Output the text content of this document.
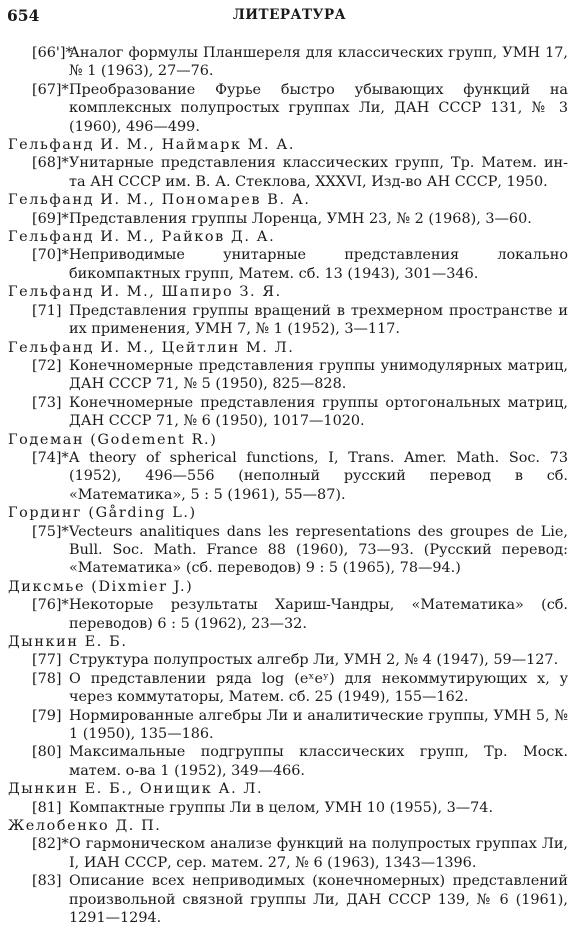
654	ЛИТЕРАТУРА
[66']*
Аналог формулы Планшереля для классических групп, УМН 17, № 1 (1963), 27—76.
[67]* Преобразование Фурье быстро убывающих функций на комплексных полупростых группах Ли, ДАН СССР 131, № 3 (1960), 496—499.
Гельфанд И. М., Наймарк М. А.
[68]* Унитарные представления классических групп, Тр. Матем. ин-та АН СССР им. В. А. Стеклова, XXXVI, Изд-во АН СССР, 1950.
Гельфанд И. М., Пономарев В. А.
[69]* Представления группы Лоренца, УМН 23, № 2 (1968), 3—60.
Гельфанд И. М., Райков Д. А.
[70]* Неприводимые унитарные представления локально бикомпактных групп, Матем. сб. 13 (1943), 301—346.
Гельфанд И. М., Шапиро З. Я.
[71] Представления группы вращений в трехмерном пространстве и их применения, УМН 7, № 1 (1952), 3—117.
Гельфанд И. М., Цейтлин М. Л.
[72] Конечномерные представления группы унимодулярных матриц, ДАН СССР 71, № 5 (1950), 825—828.
[73] Конечномерные представления группы ортогональных матриц, ДАН СССР 71, № 6 (1950), 1017—1020.
Годеман (Godement R.)
[74]* A theory of spherical functions, I, Trans. Amer. Math. Soc. 73 (1952), 496—556 (неполный русский перевод в сб. «Математика», 5 : 5 (1961), 55—87).
Гординг (Gårding L.)
[75]* Vecteurs analitiques dans les representations des groupes de Lie, Bull. Soc. Math. France 88 (1960), 73—93. (Русский перевод: «Математика» (сб. переводов) 9 : 5 (1965), 78—94.)
Диксмье (Dixmier J.)
[76]* Некоторые результаты Хариш-Чандры, «Математика» (сб. переводов) 6 : 5 (1962), 23—32.
Дынкин Е. Б.
[77] Структура полупростых алгебр Ли, УМН 2, № 4 (1947), 59—127.
[78] О представлении ряда log (eˣeʸ) для некоммутирующих x, y через коммутаторы, Матем. сб. 25 (1949), 155—162.
[79] Нормированные алгебры Ли и аналитические группы, УМН 5, № 1 (1950), 135—186.
[80] Максимальные подгруппы классических групп, Тр. Моск. матем. о-ва 1 (1952), 349—466.
Дынкин Е. Б., Онищик А. Л.
[81] Компактные группы Ли в целом, УМН 10 (1955), 3—74.
Желобенко Д. П.
[82]* О гармоническом анализе функций на полупростых группах Ли, I, ИАН СССР, сер. матем. 27, № 6 (1963), 1343—1396.
[83] Описание всех неприводимых (конечномерных) представлений произвольной связной группы Ли, ДАН СССР 139, № 6 (1961), 1291—1294.
